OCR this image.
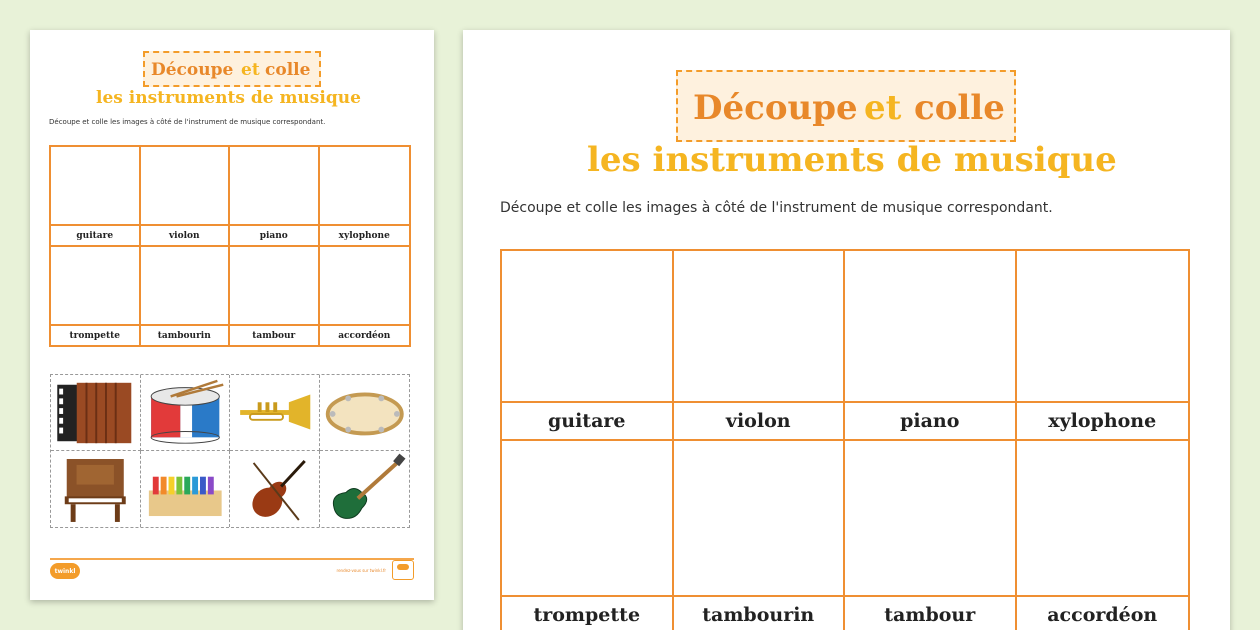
Découpe et colle
les instruments de musique
Découpe et colle les images à côté de l'instrument de musique correspondant.
guitare	violon	piano	xylophone
trompette	tambourin	tambour	accordéon
twinkl	rendez-vous sur twinkl.fr
Découpe et colle
les instruments de musique
Découpe et colle les images à côté de l'instrument de musique correspondant.
guitare	violon	piano	xylophone
trompette	tambourin	tambour	accordéon
